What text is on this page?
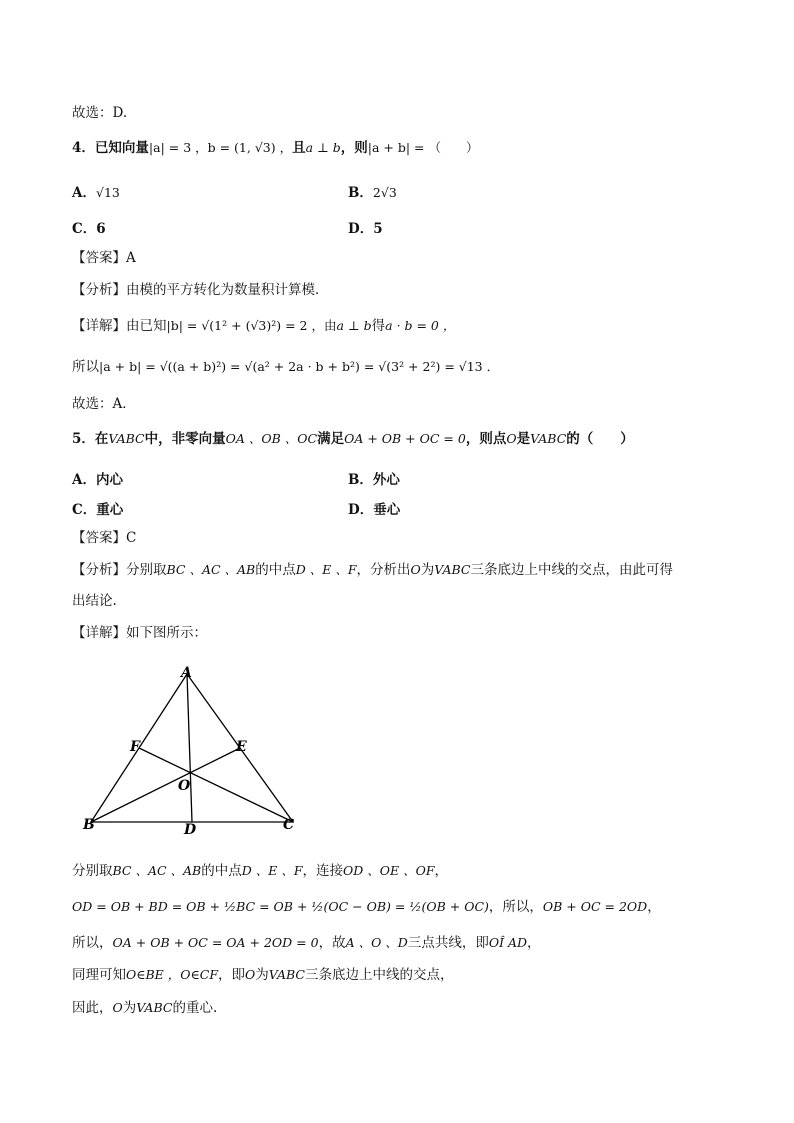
故选：D.
4．已知向量|a| = 3 ，b = (1, √3) ，且a ⊥ b，则|a + b| = （　　）
A．√13	B．2√3
C．6	D．5
【答案】A
【分析】由模的平方转化为数量积计算模．
【详解】由已知|b| = √(1² + (√3)²) = 2 ，由a ⊥ b得a · b = 0 ，
所以|a + b| = √((a + b)²) = √(a² + 2a · b + b²) = √(3² + 2²) = √13 ．
故选：A．
5．在VABC中，非零向量OA 、OB 、OC满足OA + OB + OC = 0，则点O是VABC的（　　）
A．内心	B．外心
C．重心	D．垂心
【答案】C
【分析】分别取BC 、AC 、AB的中点D 、E 、F，分析出O为VABC三条底边上中线的交点，由此可得
出结论.
【详解】如下图所示：
A
B	C
D
E
F
O
分别取BC 、AC 、AB的中点D 、E 、F，连接OD 、OE 、OF，
OD = OB + BD = OB + ½BC = OB + ½(OC − OB) = ½(OB + OC)，所以，OB + OC = 2OD，
所以，OA + OB + OC = OA + 2OD = 0，故A 、O 、D三点共线，即OÎ AD，
同理可知O∈BE ，O∈CF，即O为VABC三条底边上中线的交点，
因此，O为VABC的重心.
